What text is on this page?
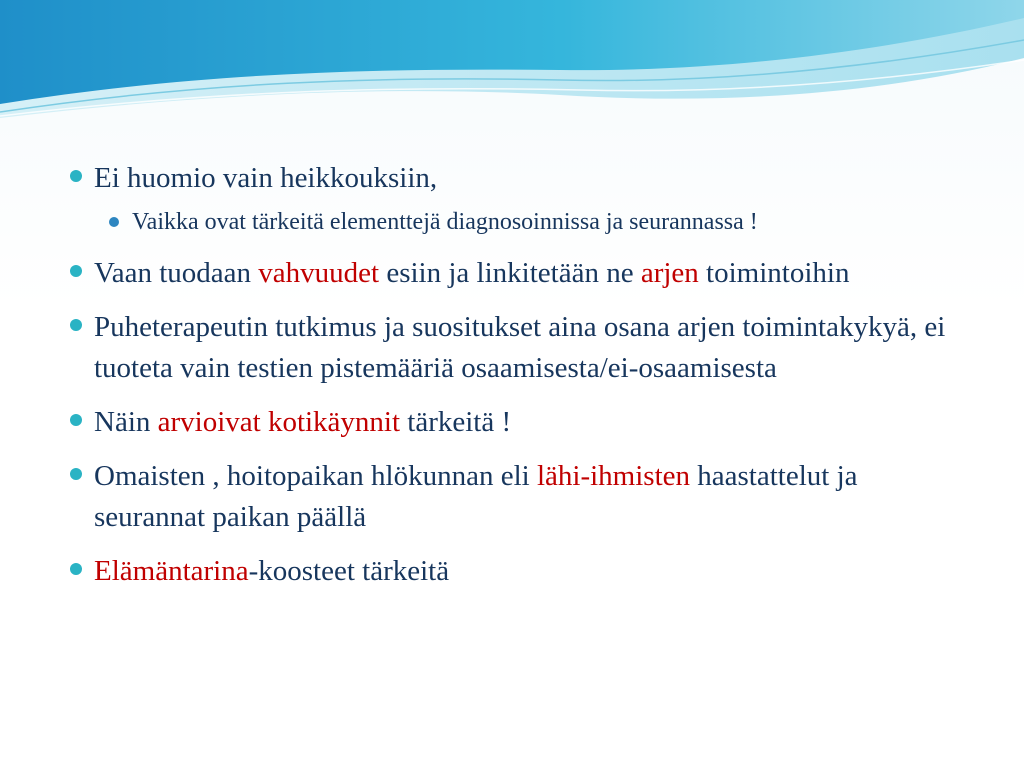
Ei huomio vain heikkouksiin,
Vaikka ovat tärkeitä elementtejä diagnosoinnissa ja seurannassa !
Vaan tuodaan vahvuudet esiin ja linkitetään ne arjen toimintoihin
Puheterapeutin tutkimus ja suositukset aina osana arjen toimintakykyä, ei tuoteta vain testien pistemääriä osaamisesta/ei-osaamisesta
Näin arvioivat kotikäynnit tärkeitä !
Omaisten , hoitopaikan hlökunnan eli lähi-ihmisten haastattelut ja seurannat paikan päällä
Elämäntarina-koosteet tärkeitä
